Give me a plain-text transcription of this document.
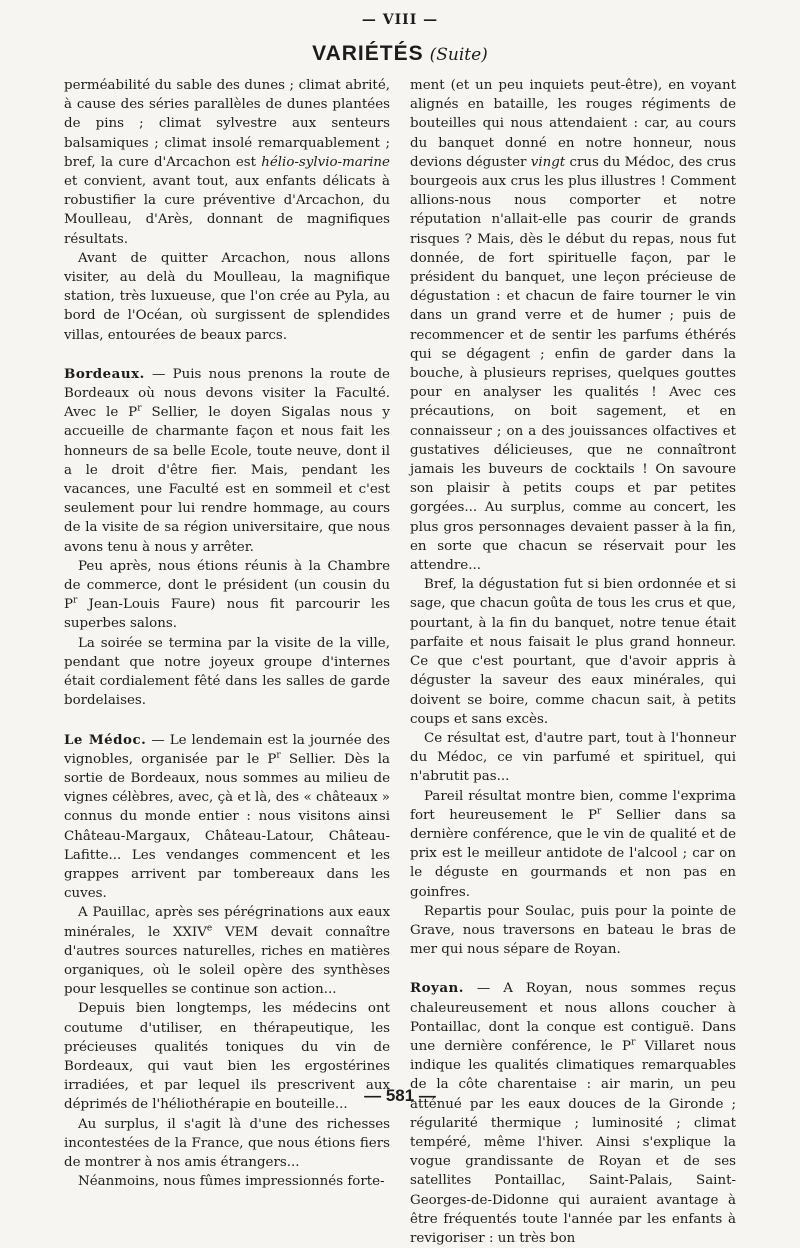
— VIII —
VARIÉTÉS (Suite)

perméabilité du sable des dunes ; climat abrité, à cause des séries parallèles de dunes plantées de pins ; climat sylvestre aux senteurs balsamiques ; climat insolé remarquablement ; bref, la cure d'Arcachon est hélio-sylvio-marine et convient, avant tout, aux enfants délicats à robustifier la cure préventive d'Arcachon, du Moulleau, d'Arès, donnant de magnifiques résultats.

Avant de quitter Arcachon, nous allons visiter, au delà du Moulleau, la magnifique station, très luxueuse, que l'on crée au Pyla, au bord de l'Océan, où surgissent de splendides villas, entourées de beaux parcs.

Bordeaux. — Puis nous prenons la route de Bordeaux où nous devons visiter la Faculté. Avec le $P^r$ Sellier, le doyen Sigalas nous y accueille de charmante façon et nous fait les honneurs de sa belle Ecole, toute neuve, dont il a le droit d'être fier. Mais, pendant les vacances, une Faculté est en sommeil et c'est seulement pour lui rendre hommage, au cours de la visite de sa région universitaire, que nous avons tenu à nous y arrêter.

Peu après, nous étions réunis à la Chambre de commerce, dont le président (un cousin du $P^r$ Jean-Louis Faure) nous fit parcourir les superbes salons.

La soirée se termina par la visite de la ville, pendant que notre joyeux groupe d'internes était cordialement fêté dans les salles de garde bordelaises.

Le Médoc. — Le lendemain est la journée des vignobles, organisée par le $P^r$ Sellier. Dès la sortie de Bordeaux, nous sommes au milieu de vignes célèbres, avec, çà et là, des « châteaux » connus du monde entier : nous visitons ainsi Château-Margaux, Château-Latour, Château-Lafitte... Les vendanges commencent et les grappes arrivent par tombereaux dans les cuves.

A Pauillac, après ses pérégrinations aux eaux minérales, le XXIVe VEM devait connaître d'autres sources naturelles, riches en matières organiques, où le soleil opère des synthèses pour lesquelles se continue son action...

Depuis bien longtemps, les médecins ont coutume d'utiliser, en thérapeutique, les précieuses qualités toniques du vin de Bordeaux, qui vaut bien les ergostérines irradiées, et par lequel ils prescrivent aux déprimés de l'héliothérapie en bouteille...

Au surplus, il s'agit là d'une des richesses incontestées de la France, que nous étions fiers de montrer à nos amis étrangers...

Néanmoins, nous fûmes impressionnés forte-

ment (et un peu inquiets peut-être), en voyant alignés en bataille, les rouges régiments de bouteilles qui nous attendaient : car, au cours du banquet donné en notre honneur, nous devions déguster vingt crus du Médoc, des crus bourgeois aux crus les plus illustres ! Comment allions-nous nous comporter et notre réputation n'allait-elle pas courir de grands risques ? Mais, dès le début du repas, nous fut donnée, de fort spirituelle façon, par le président du banquet, une leçon précieuse de dégustation : et chacun de faire tourner le vin dans un grand verre et de humer ; puis de recommencer et de sentir les parfums éthérés qui se dégagent ; enfin de garder dans la bouche, à plusieurs reprises, quelques gouttes pour en analyser les qualités ! Avec ces précautions, on boit sagement, et en connaisseur ; on a des jouissances olfactives et gustatives délicieuses, que ne connaîtront jamais les buveurs de cocktails ! On savoure son plaisir à petits coups et par petites gorgées... Au surplus, comme au concert, les plus gros personnages devaient passer à la fin, en sorte que chacun se réservait pour les attendre...

Bref, la dégustation fut si bien ordonnée et si sage, que chacun goûta de tous les crus et que, pourtant, à la fin du banquet, notre tenue était parfaite et nous faisait le plus grand honneur. Ce que c'est pourtant, que d'avoir appris à déguster la saveur des eaux minérales, qui doivent se boire, comme chacun sait, à petits coups et sans excès.

Ce résultat est, d'autre part, tout à l'honneur du Médoc, ce vin parfumé et spirituel, qui n'abrutit pas...

Pareil résultat montre bien, comme l'exprima fort heureusement le $P^r$ Sellier dans sa dernière conférence, que le vin de qualité et de prix est le meilleur antidote de l'alcool ; car on le déguste en gourmands et non pas en goinfres.

Repartis pour Soulac, puis pour la pointe de Grave, nous traversons en bateau le bras de mer qui nous sépare de Royan.

Royan. — A Royan, nous sommes reçus chaleureusement et nous allons coucher à Pontaillac, dont la conque est contiguë. Dans une dernière conférence, le $P^r$ Villaret nous indique les qualités climatiques remarquables de la côte charentaise : air marin, un peu atténué par les eaux douces de la Gironde ; régularité thermique ; luminosité ; climat tempéré, même l'hiver. Ainsi s'explique la vogue grandissante de Royan et de ses satellites Pontaillac, Saint-Palais, Saint-Georges-de-Didonne qui auraient avantage à être fréquentés toute l'année par les enfants à revigoriser : un très bon

— 581 —
